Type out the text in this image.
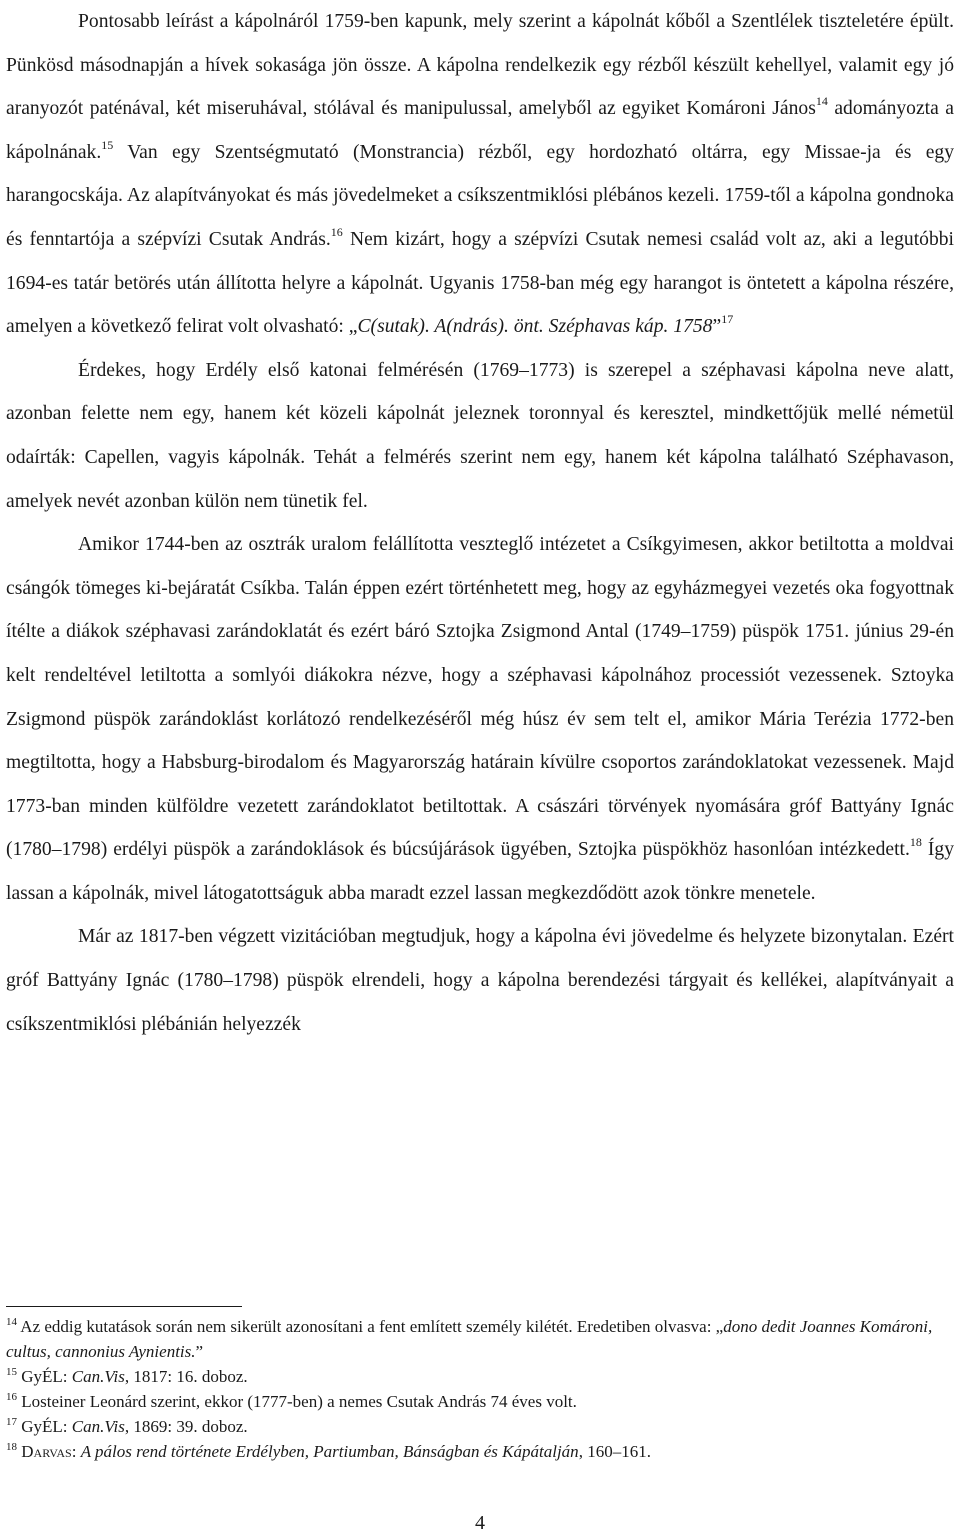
Pontosabb leírást a kápolnáról 1759-ben kapunk, mely szerint a kápolnát kőből a Szentlélek tiszteletére épült. Pünkösd másodnapján a hívek sokasága jön össze. A kápolna rendelkezik egy rézből készült kehellyel, valamit egy jó aranyozót paténával, két miseruhával, stólával és manipulussal, amelyből az egyiket Komároni János$^{14}$ adományozta a kápolnának.$^{15}$ Van egy Szentségmutató (Monstrancia) rézből, egy hordozható oltárra, egy Missae-ja és egy harangocskája. Az alapítványokat és más jövedelmeket a csíkszentmiklósi plébános kezeli. 1759-től a kápolna gondnoka és fenntartója a szépvízi Csutak András.$^{16}$ Nem kizárt, hogy a szépvízi Csutak nemesi család volt az, aki a legutóbbi 1694-es tatár betörés után állította helyre a kápolnát. Ugyanis 1758-ban még egy harangot is öntetett a kápolna részére, amelyen a következő felirat volt olvasható: „C(sutak). A(ndrás). önt. Széphavas káp. 1758”$^{17}$

Érdekes, hogy Erdély első katonai felmérésén (1769–1773) is szerepel a széphavasi kápolna neve alatt, azonban felette nem egy, hanem két közeli kápolnát jeleznek toronnyal és keresztel, mindkettőjük mellé németül odaírták: Capellen, vagyis kápolnák. Tehát a felmérés szerint nem egy, hanem két kápolna található Széphavason, amelyek nevét azonban külön nem tünetik fel.

Amikor 1744-ben az osztrák uralom felállította veszteglő intézetet a Csíkgyimesen, akkor betiltotta a moldvai csángók tömeges ki-bejáratát Csíkba. Talán éppen ezért történhetett meg, hogy az egyházmegyei vezetés oka fogyottnak ítélte a diákok széphavasi zarándoklatát és ezért báró Sztojka Zsigmond Antal (1749–1759) püspök 1751. június 29-én kelt rendeltével letiltotta a somlyói diákokra nézve, hogy a széphavasi kápolnához processiót vezessenek. Sztoyka Zsigmond püspök zarándoklást korlátozó rendelkezéséről még húsz év sem telt el, amikor Mária Terézia 1772-ben megtiltotta, hogy a Habsburg-birodalom és Magyarország határain kívülre csoportos zarándoklatokat vezessenek. Majd 1773-ban minden külföldre vezetett zarándoklatot betiltottak. A császári törvények nyomására gróf Battyány Ignác (1780–1798) erdélyi püspök a zarándoklások és búcsújárások ügyében, Sztojka püspökhöz hasonlóan intézkedett.$^{18}$ Így lassan a kápolnák, mivel látogatottságuk abba maradt ezzel lassan megkezdődött azok tönkre menetele.

Már az 1817-ben végzett vizitációban megtudjuk, hogy a kápolna évi jövedelme és helyzete bizonytalan. Ezért gróf Battyány Ignác (1780–1798) püspök elrendeli, hogy a kápolna berendezési tárgyait és kellékei, alapítványait a csíkszentmiklósi plébánián helyezzék

$^{14}$ Az eddig kutatások során nem sikerült azonosítani a fent említett személy kilétét. Eredetiben olvasva: „dono dedit Joannes Komároni, cultus, cannonius Aynientis.”

$^{15}$ GyÉL: Can.Vis, 1817: 16. doboz.

$^{16}$ Losteiner Leonárd szerint, ekkor (1777-ben) a nemes Csutak András 74 éves volt.

$^{17}$ GyÉL: Can.Vis, 1869: 39. doboz.

$^{18}$ Darvas: A pálos rend története Erdélyben, Partiumban, Bánságban és Kápátalján, 160–161.

4
